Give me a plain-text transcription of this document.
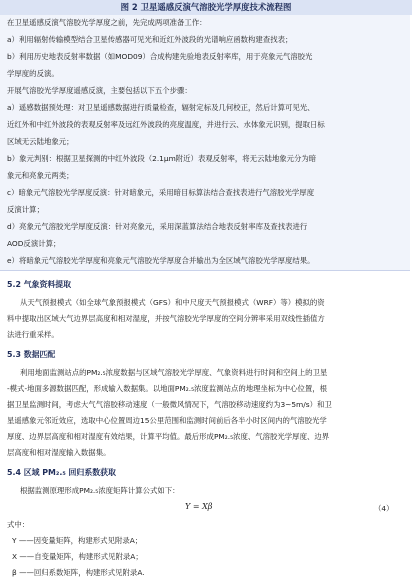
图 2 卫星遥感反演气溶胶光学厚度技术流程图
在卫星遥感反演气溶胶光学厚度之前，先完成两项准备工作：
a）利用辐射传输模型结合卫星传感器可见光和近红外波段的光谱响应函数构建查找表；
b）利用历史地表反射率数据（如MOD09）合成构建先验地表反射率库，用于亮象元气溶胶光
学厚度的反演。
开展气溶胶光学厚度遥感反演，主要包括以下五个步骤：
a）遥感数据预处理：对卫星遥感数据进行质量检查，辐射定标及几何校正，然后计算可见光、
近红外和中红外波段的表观反射率及远红外波段的亮度温度，并进行云、水体象元识别，提取日标
区域无云陆地象元；
b）象元判别：根据卫星探测的中红外波段（2.1μm附近）表观反射率，将无云陆地象元分为暗
象元和亮象元两类；
c）暗象元气溶胶光学厚度反演：针对暗象元，采用暗目标算法结合查找表进行气溶胶光学厚度
反演计算；
d）亮象元气溶胶光学厚度反演：针对亮象元，采用深蓝算法结合地表反射率库及查找表进行
AOD反演计算；
e）将暗象元气溶胶光学厚度和亮象元气溶胶光学厚度合并输出为全区域气溶胶光学厚度结果。
5.2 气象资料提取
从天气预报模式（如全球气象预报模式（GFS）和中尺度天气预报模式（WRF）等）模拟的资
料中提取出区域大气边界层高度和相对湿度，并按气溶胶光学厚度的空间分辨率采用双线性插值方
法进行重采样。
5.3 数据匹配
利用地面监测站点的PM₂.₅浓度数据与区域气溶胶光学厚度、气象资料进行时间和空间上的卫星
-模式-地面多源数据匹配，形成输入数据集。以地面PM₂.₅浓度监测站点的地理坐标为中心位置，根
据卫星监测时间，考虑大气气溶胶移动速度（一般微风情况下，气溶胶移动速度约为3~5m/s）和卫
星遥感象元邻近效应，选取中心位置周边15公里范围和监测时间前后各半小时区间内的气溶胶光学
厚度、边界层高度和相对湿度有效结果，计算平均值。最后形成PM₂.₅浓度、气溶胶光学厚度、边界
层高度和相对湿度输入数据集。
5.4 区域 PM₂.₅ 回归系数获取
根据监测原理形成PM₂.₅浓度矩阵计算公式如下：
Y = Xβ	（4）
式中：
Y ——因变量矩阵，构建形式见附录A；
X ——自变量矩阵，构建形式见附录A；
β ——回归系数矩阵，构建形式见附录A.
